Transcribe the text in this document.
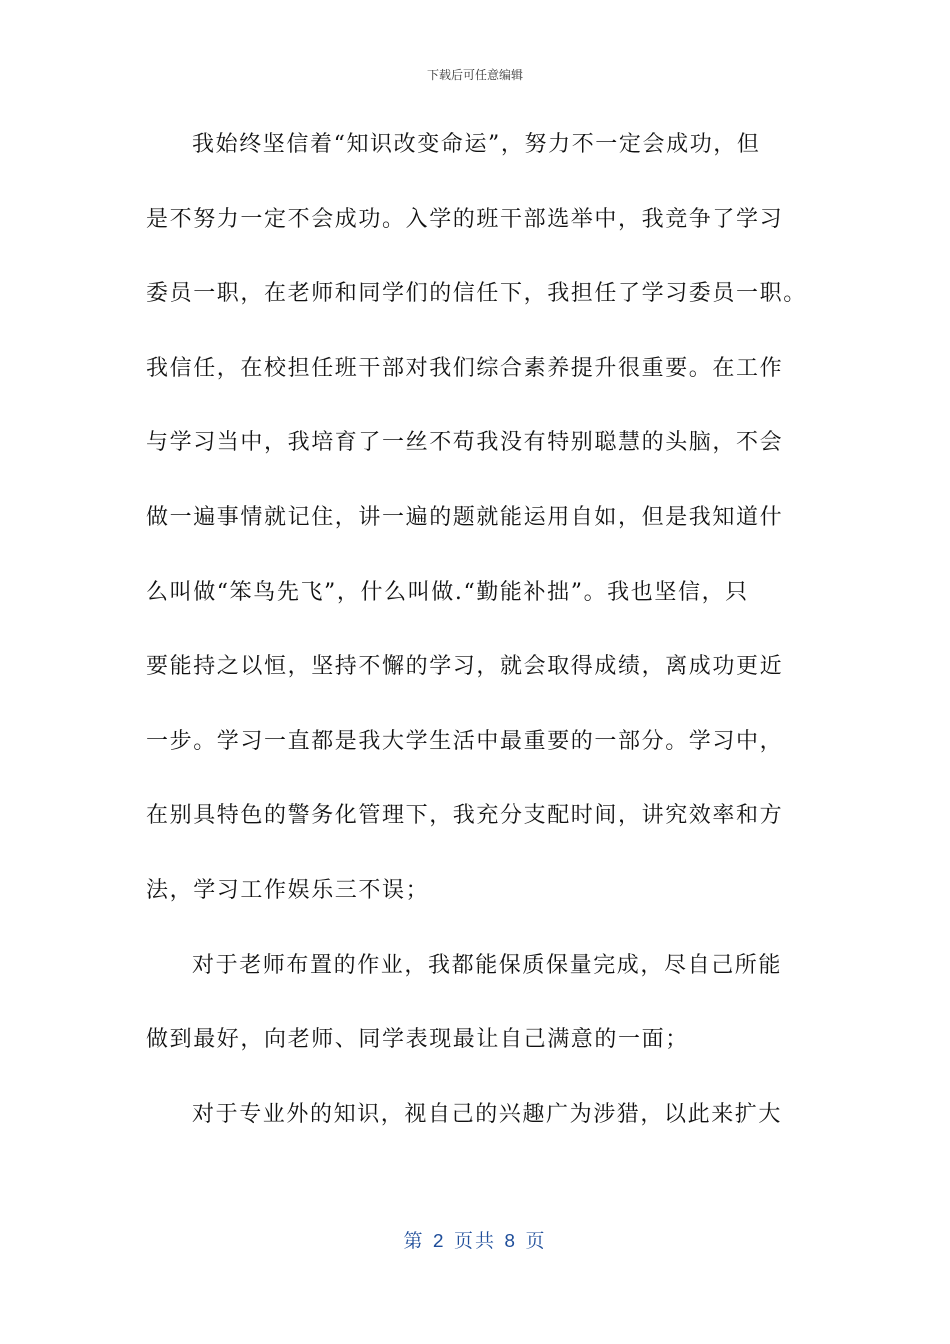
下载后可任意编辑
我始终坚信着“知识改变命运”，努力不一定会成功，但
是不努力一定不会成功。入学的班干部选举中，我竞争了学习
委员一职，在老师和同学们的信任下，我担任了学习委员一职。
我信任，在校担任班干部对我们综合素养提升很重要。在工作
与学习当中，我培育了一丝不苟我没有特别聪慧的头脑，不会
做一遍事情就记住，讲一遍的题就能运用自如，但是我知道什
么叫做“笨鸟先飞”，什么叫做.“勤能补拙”。我也坚信，只
要能持之以恒，坚持不懈的学习，就会取得成绩，离成功更近
一步。学习一直都是我大学生活中最重要的一部分。学习中，
在别具特色的警务化管理下，我充分支配时间，讲究效率和方
法，学习工作娱乐三不误；
对于老师布置的作业，我都能保质保量完成，尽自己所能
做到最好，向老师、同学表现最让自己满意的一面；
对于专业外的知识，视自己的兴趣广为涉猎，以此来扩大
第 2 页共 8 页
